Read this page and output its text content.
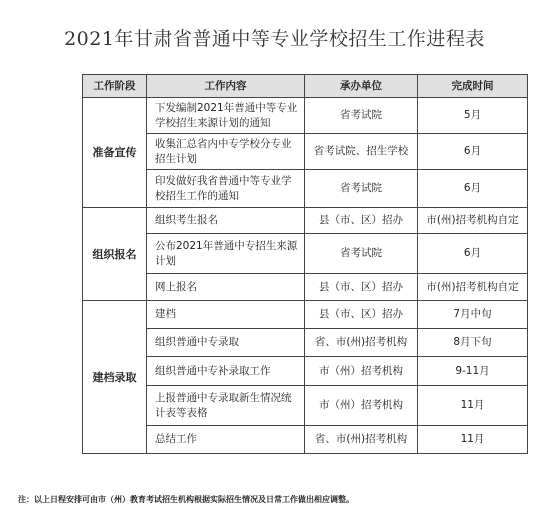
2021年甘肃省普通中等专业学校招生工作进程表
工作阶段	工作内容	承办单位	完成时间
准备宣传	下发编制2021年普通中等专业学校招生来源计划的通知	省考试院	5月
	收集汇总省内中专学校分专业招生计划	省考试院、招生学校	6月
	印发做好我省普通中等专业学校招生工作的通知	省考试院	6月
组织报名	组织考生报名	县（市、区）招办	市(州)招考机构自定
	公布2021年普通中专招生来源计划	省考试院	6月
	网上报名	县（市、区）招办	市(州)招考机构自定
建档录取	建档	县（市、区）招办	7月中旬
	组织普通中专录取	省、市(州)招考机构	8月下旬
	组织普通中专补录取工作	市（州）招考机构	9-11月
	上报普通中专录取新生情况统计表等表格	市（州）招考机构	11月
	总结工作	省、市(州)招考机构	11月
注：以上日程安排可由市（州）教育考试招生机构根据实际招生情况及日常工作做出相应调整。
